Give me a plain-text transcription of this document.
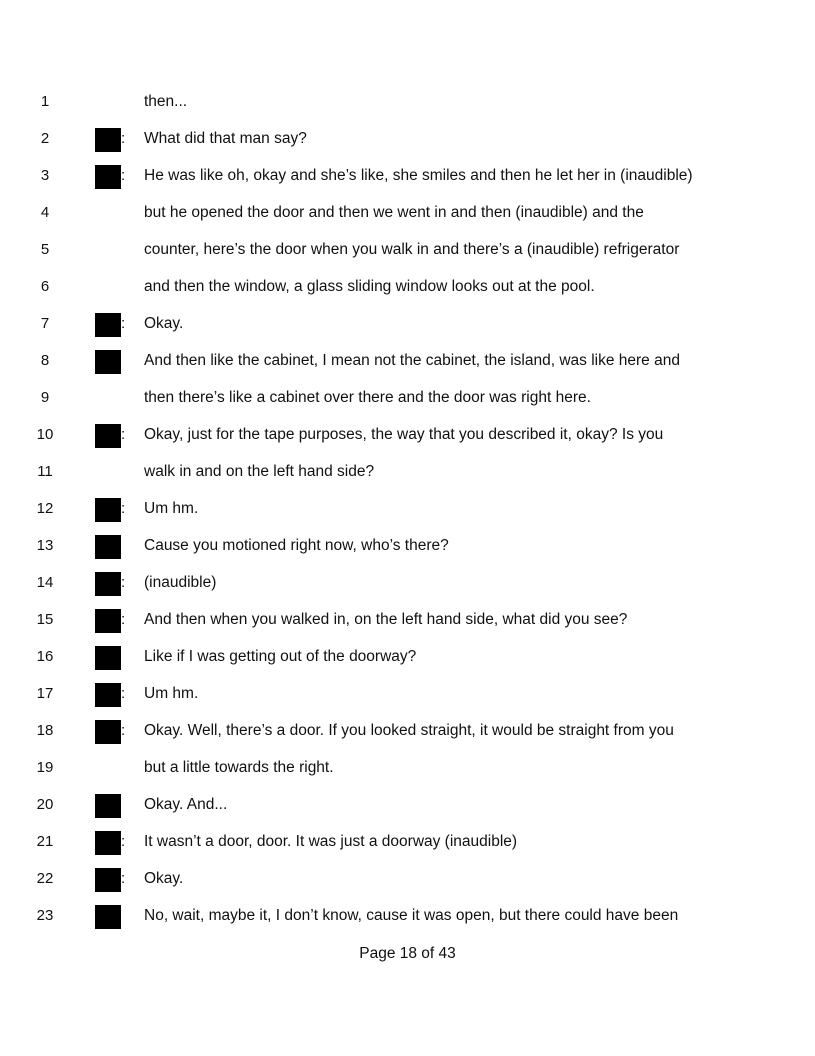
1	then...
2 :	What did that man say?
3 :	He was like oh, okay and she’s like, she smiles and then he let her in (inaudible)
4	but he opened the door and then we went in and then (inaudible) and the
5	counter, here’s the door when you walk in and there’s a (inaudible) refrigerator
6	and then the window, a glass sliding window looks out at the pool.
7 :	Okay.
8	And then like the cabinet, I mean not the cabinet, the island, was like here and
9	then there’s like a cabinet over there and the door was right here.
10 :	Okay, just for the tape purposes, the way that you described it, okay? Is you
11	walk in and on the left hand side?
12 :	Um hm.
13	Cause you motioned right now, who’s there?
14 :	(inaudible)
15 :	And then when you walked in, on the left hand side, what did you see?
16	Like if I was getting out of the doorway?
17 :	Um hm.
18 :	Okay. Well, there’s a door. If you looked straight, it would be straight from you
19	but a little towards the right.
20	Okay. And...
21 :	It wasn’t a door, door. It was just a doorway (inaudible)
22 :	Okay.
23	No, wait, maybe it, I don’t know, cause it was open, but there could have been
Page 18 of 43
